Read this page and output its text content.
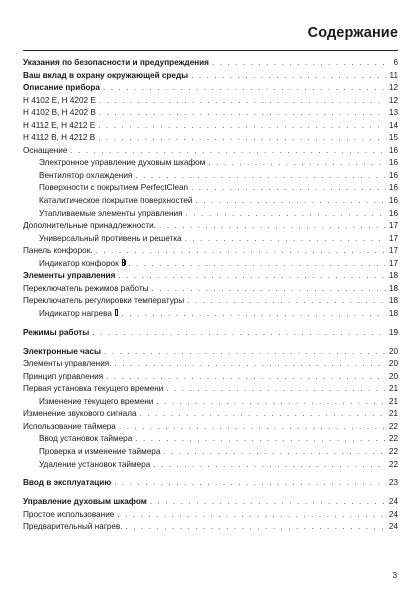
Содержание
Указания по безопасности и предупреждения . . .	6
Ваш вклад в охрану окружающей среды . . .	11
Описание прибора . . .	12
H 4102 E, H 4202 E . . .	12
H 4102 B, H 4202 B . . .	13
H 4112 E, H 4212 E . . .	14
H 4112 B, H 4212 B . . .	15
Оснащение . . .	16
Электронное управление духовым шкафом . . .	16
Вентилятор охлаждения . . .	16
Поверхности с покрытием PerfectClean . . .	16
Каталитическое покрытие поверхностей . . .	16
Утапливаемые элементы управления . . .	16
Дополнительные принадлежности. . . .	17
Универсальный противень и решетка . . .	17
Панель конфорок. . . .	17
Индикатор конфорок . . .	17
Элементы управления . . .	18
Переключатель режимов работы . . .	18
Переключатель регулировки температуры . . .	18
Индикатор нагрева . . .	18
Режимы работы . . .	19
Электронные часы . . .	20
Элементы управления. . . .	20
Принцип управления . . .	20
Первая установка текущего времени . . .	21
Изменение текущего времени . . .	21
Изменение звукового сигнала . . .	21
Использование таймера . . .	22
Ввод установок таймера . . .	22
Проверка и изменение таймера . . .	22
Удаление установок таймера . . .	22
Ввод в эксплуатацию . . .	23
Управление духовым шкафом . . .	24
Простое использование . . .	24
Предварительный нагрев. . . .	24
3
